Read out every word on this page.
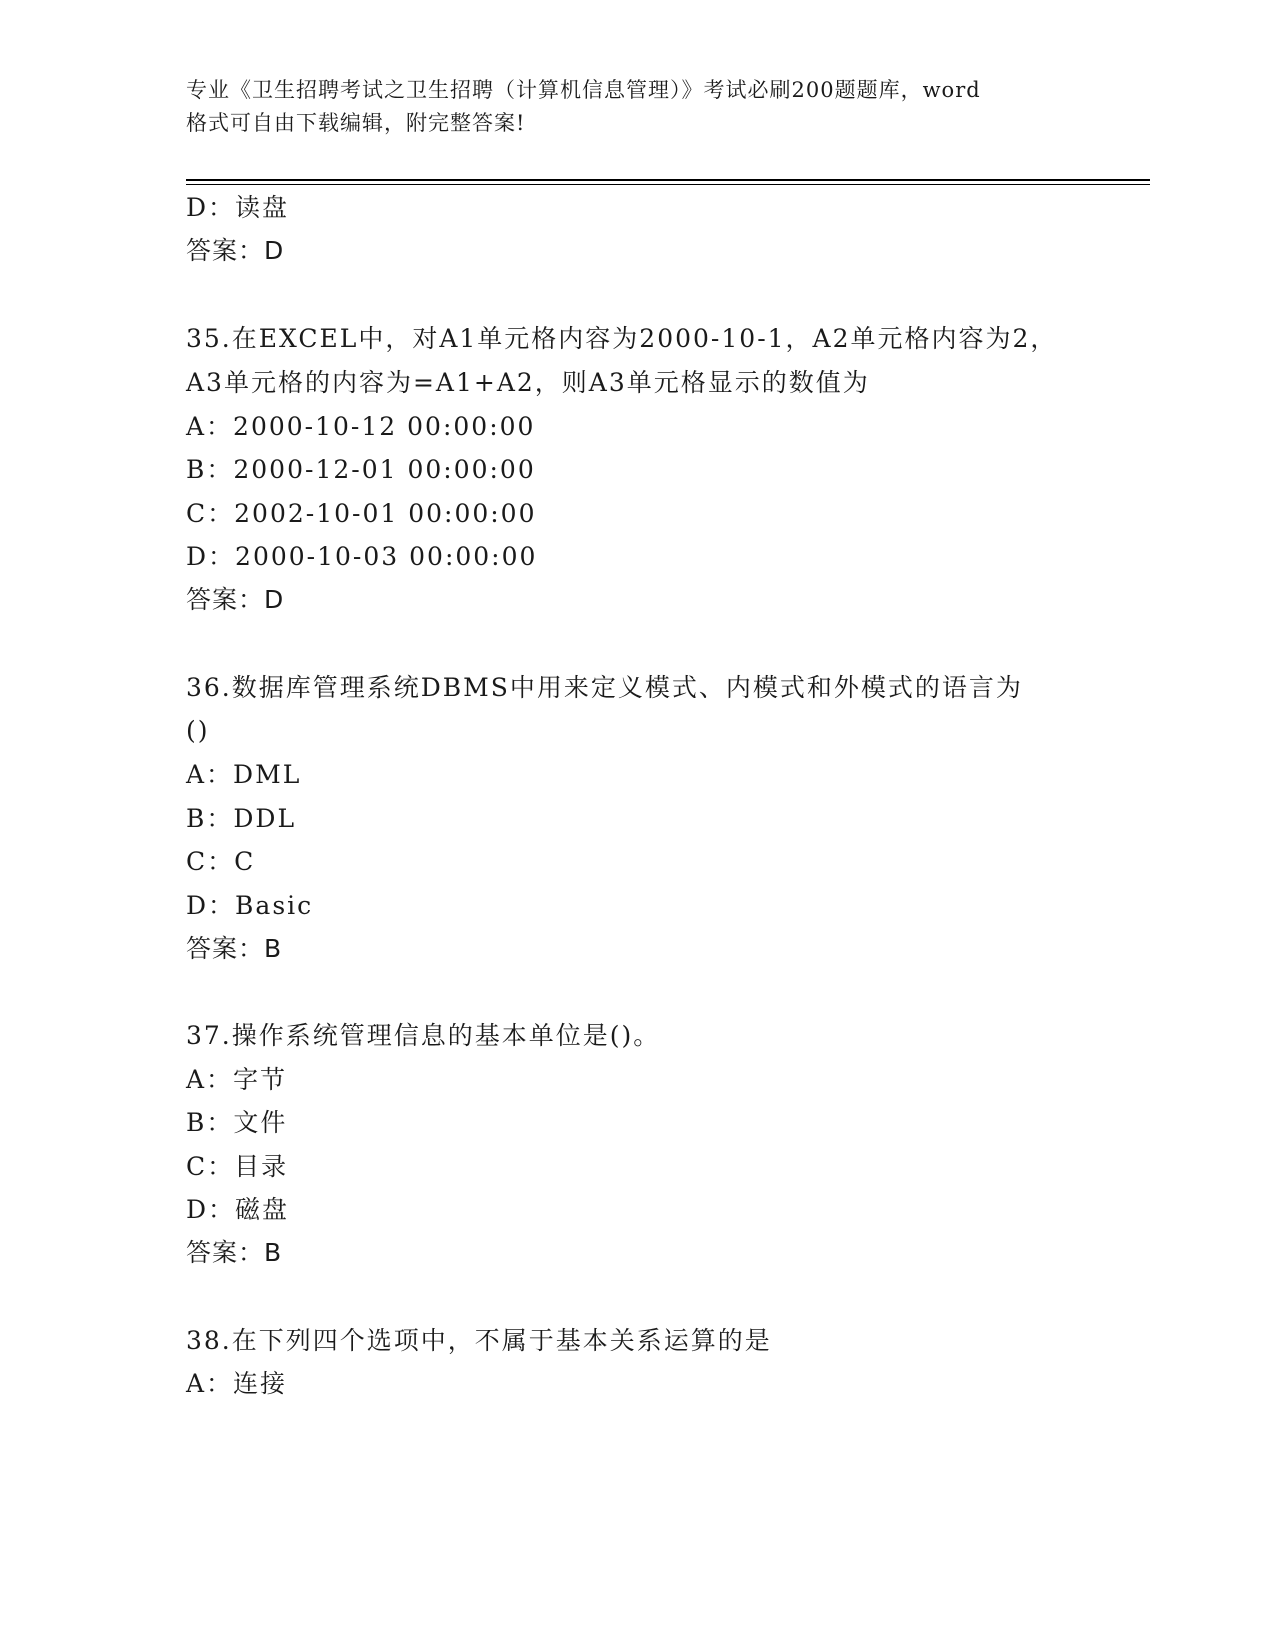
专业《卫生招聘考试之卫生招聘（计算机信息管理）》考试必刷200题题库，word
格式可自由下载编辑，附完整答案!
D：读盘
答案：D
35.在EXCEL中，对A1单元格内容为2000-10-1，A2单元格内容为2，
A3单元格的内容为=A1+A2，则A3单元格显示的数值为
A：2000-10-12 00:00:00
B：2000-12-01 00:00:00
C：2002-10-01 00:00:00
D：2000-10-03 00:00:00
答案：D
36.数据库管理系统DBMS中用来定义模式、内模式和外模式的语言为
()
A：DML
B：DDL
C：C
D：Basic
答案：B
37.操作系统管理信息的基本单位是()。
A：字节
B：文件
C：目录
D：磁盘
答案：B
38.在下列四个选项中，不属于基本关系运算的是
A：连接
